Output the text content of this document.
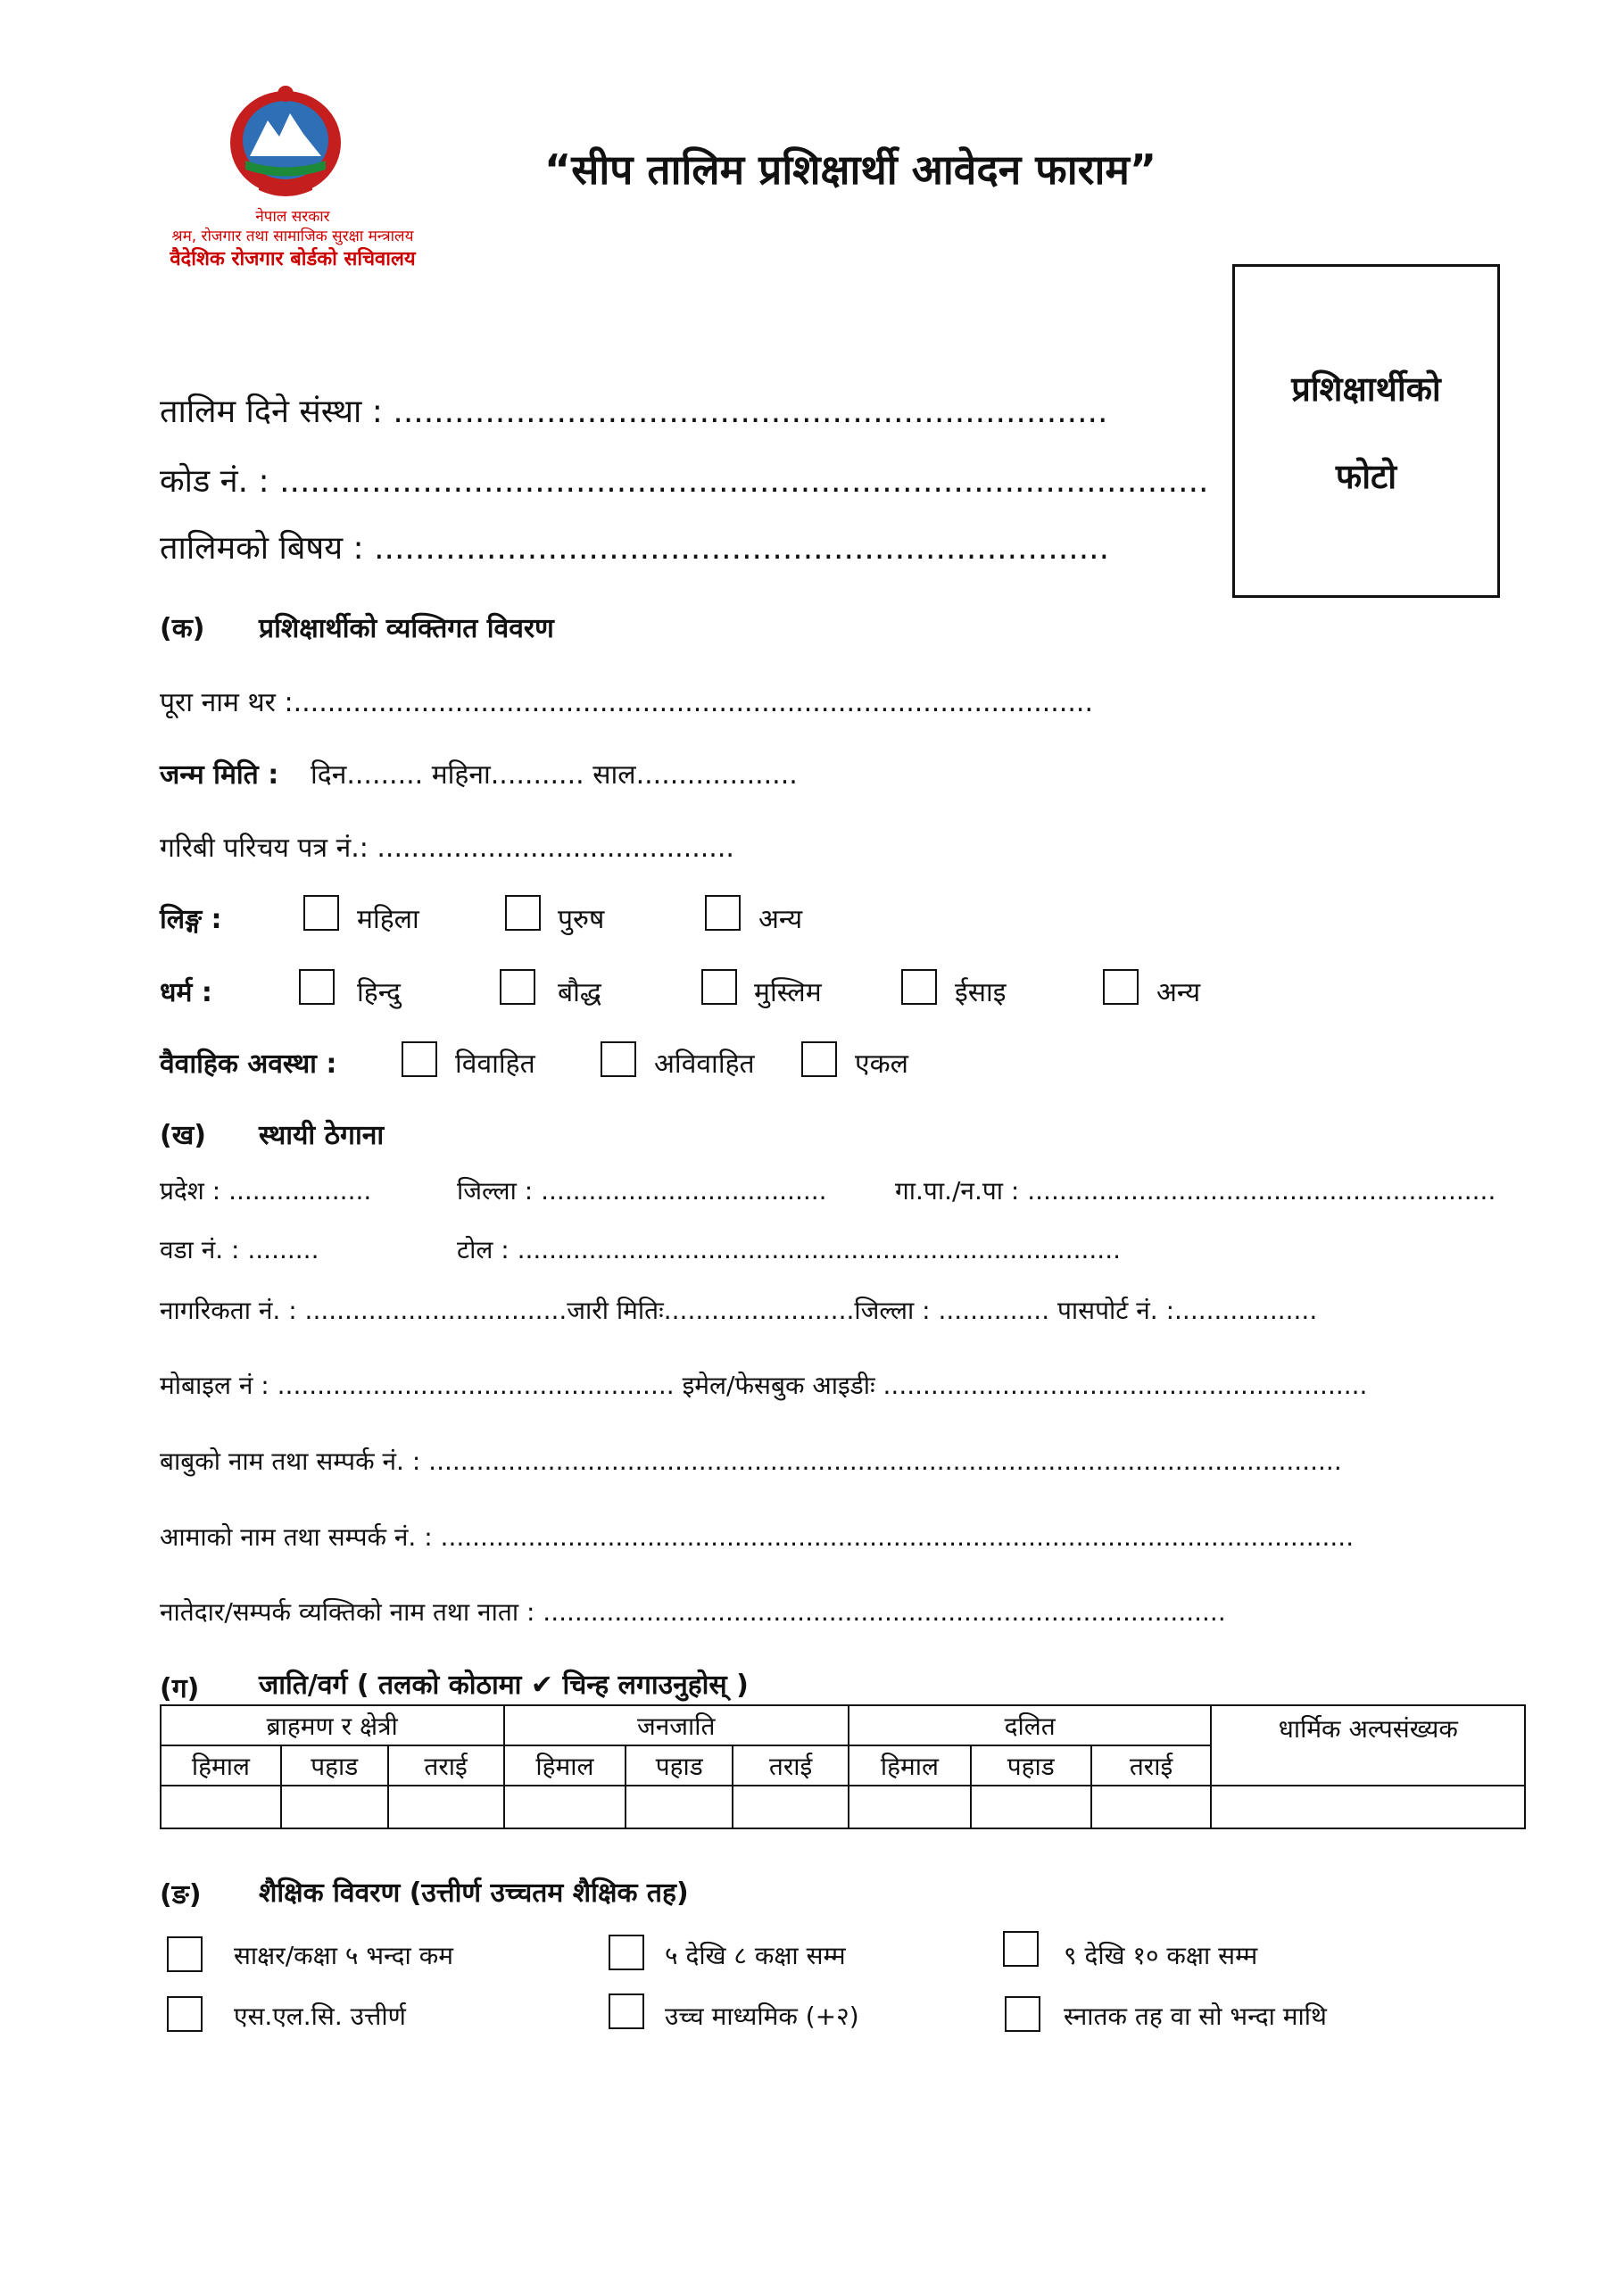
नेपाल सरकार
श्रम, रोजगार तथा सामाजिक सुरक्षा मन्त्रालय
वैदेशिक रोजगार बोर्डको सचिवालय
“सीप तालिम प्रशिक्षार्थी आवेदन फाराम”
प्रशिक्षार्थीको
फोटो
तालिम दिने संस्था : ......................................................................
कोड नं. : ...........................................................................................
तालिमको बिषय : ........................................................................
(क) प्रशिक्षार्थीको व्यक्तिगत विवरण
पूरा नाम थर :..............................................................................................
जन्म मिति : दिन......... महिना........... साल...................
गरिबी परिचय पत्र नं.: ..........................................
लिङ्ग :	महिला	पुरुष	अन्य
धर्म :	हिन्दु	बौद्ध	मुस्लिम	ईसाइ	अन्य
वैवाहिक अवस्था :	विवाहित	अविवाहित	एकल
(ख) स्थायी ठेगाना
प्रदेश : ..................	जिल्ला : ....................................	गा.पा./न.पा : ...........................................................
वडा नं. : .........	टोल : ............................................................................
नागरिकता नं. : .................................जारी मितिः........................जिल्ला : .............. पासपोर्ट नं. :..................
मोबाइल नं : .................................................. इमेल/फेसबुक आइडीः .............................................................
बाबुको नाम तथा सम्पर्क नं. : ...................................................................................................................
आमाको नाम तथा सम्पर्क नं. : ...................................................................................................................
नातेदार/सम्पर्क व्यक्तिको नाम तथा नाता : ......................................................................................
(ग) जाति/वर्ग ( तलको कोठामा ✔ चिन्ह लगाउनुहोस् )
ब्राहमण र क्षेत्री			जनजाति			दलित			धार्मिक अल्पसंख्यक
हिमाल	पहाड	तराई	हिमाल	पहाड	तराई	हिमाल	पहाड	तराई	

(ङ) शैक्षिक विवरण (उत्तीर्ण उच्चतम शैक्षिक तह)
साक्षर/कक्षा ५ भन्दा कम	५ देखि ८ कक्षा सम्म	९ देखि १० कक्षा सम्म
एस.एल.सि. उत्तीर्ण	उच्च माध्यमिक (+२)	स्नातक तह वा सो भन्दा माथि
